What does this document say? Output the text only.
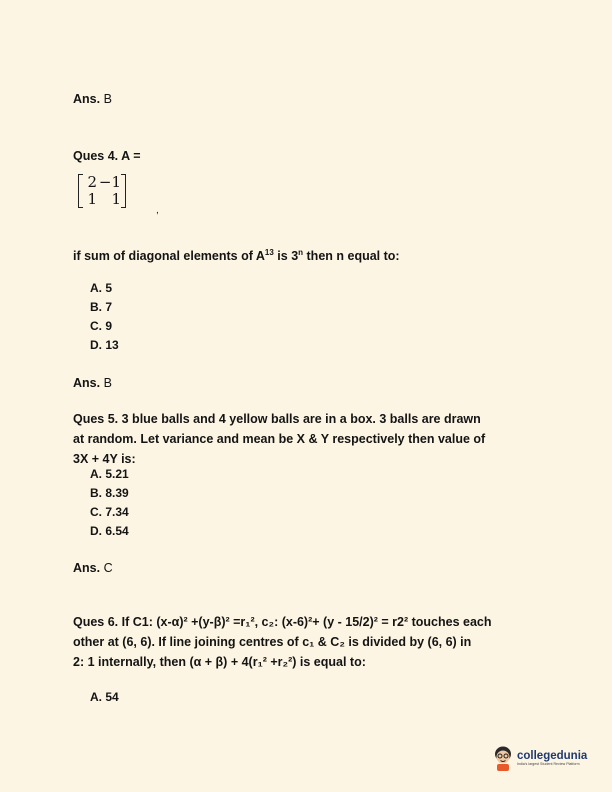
Ans. B
Ques 4. A =
2 −1
1 1
,
if sum of diagonal elements of $A^{13}$ is 3$^n$ then n equal to:
A. 5
B. 7
C. 9
D. 13
Ans. B
Ques 5. 3 blue balls and 4 yellow balls are in a box. 3 balls are drawn
at random. Let variance and mean be X & Y respectively then value of
3X + 4Y is:
A. 5.21
B. 8.39
C. 7.34
D. 6.54
Ans. C
Ques 6. If C1: (x-α)² +(y-β)² =r₁², c₂: (x-6)²+ (y - 15/2)² = r2² touches each
other at (6, 6). If line joining centres of c₁ & C₂ is divided by (6, 6) in
2: 1 internally, then (α + β) + 4(r₁² +r₂²) is equal to:
A. 54
collegedunia
India's largest Student Review Platform
